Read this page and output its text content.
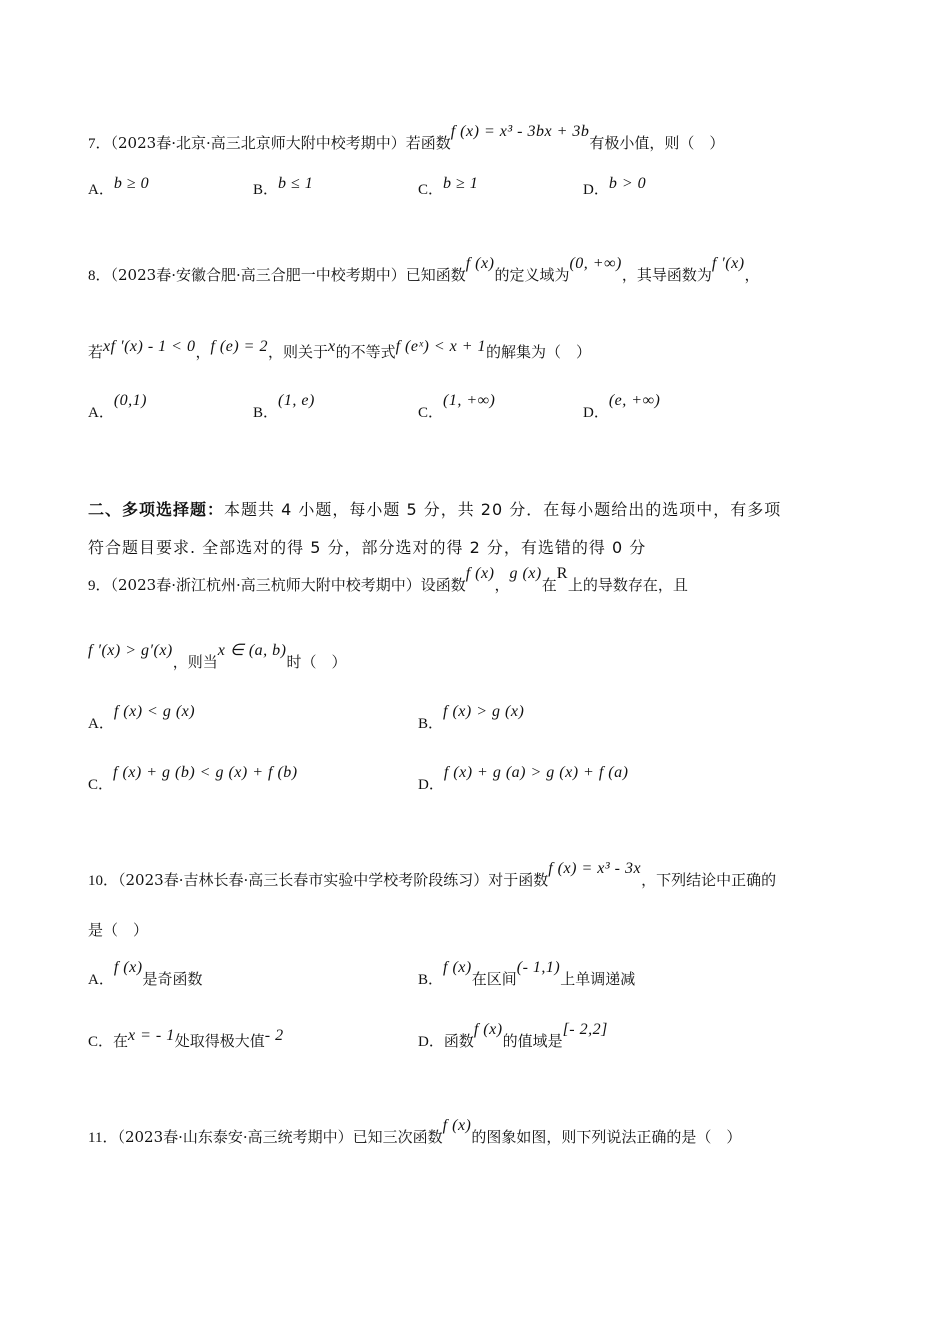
7．（2023春·北京·高三北京师大附中校考期中）若函数f (x) = x³ - 3bx + 3b有极小值，则（　）
A．b ≥ 0	B．b ≤ 1	C．b ≥ 1	D．b > 0
8．（2023春·安徽合肥·高三合肥一中校考期中）已知函数f (x)的定义域为(0, +∞)，其导函数为f ′(x)，
若xf ′(x) - 1 < 0，f (e) = 2，则关于x的不等式f (eˣ) < x + 1的解集为（　）
A．(0,1)
B．(1, e)
C．(1, +∞)
D．(e, +∞)
二、多项选择题：本题共 4 小题，每小题 5 分，共 20 分．在每小题给出的选项中，有多项
符合题目要求. 全部选对的得 5 分，部分选对的得 2 分，有选错的得 0 分
9．（2023春·浙江杭州·高三杭师大附中校考期中）设函数f (x)，g (x)在R上的导数存在，且
f ′(x) > g′(x)，则当x ∈ (a, b)时（　）
A．f (x) < g (x)
B．f (x) > g (x)
C．f (x) + g (b) < g (x) + f (b)
D．f (x) + g (a) > g (x) + f (a)
10．（2023春·吉林长春·高三长春市实验中学校考阶段练习）对于函数f (x) = x³ - 3x，下列结论中正确的
是（　）
A．f (x)是奇函数	B．f (x)在区间(- 1,1)上单调递减
C．在x = - 1处取得极大值- 2	D．函数f (x)的值域是[- 2,2]
11．（2023春·山东泰安·高三统考期中）已知三次函数f (x)的图象如图，则下列说法正确的是（　）
